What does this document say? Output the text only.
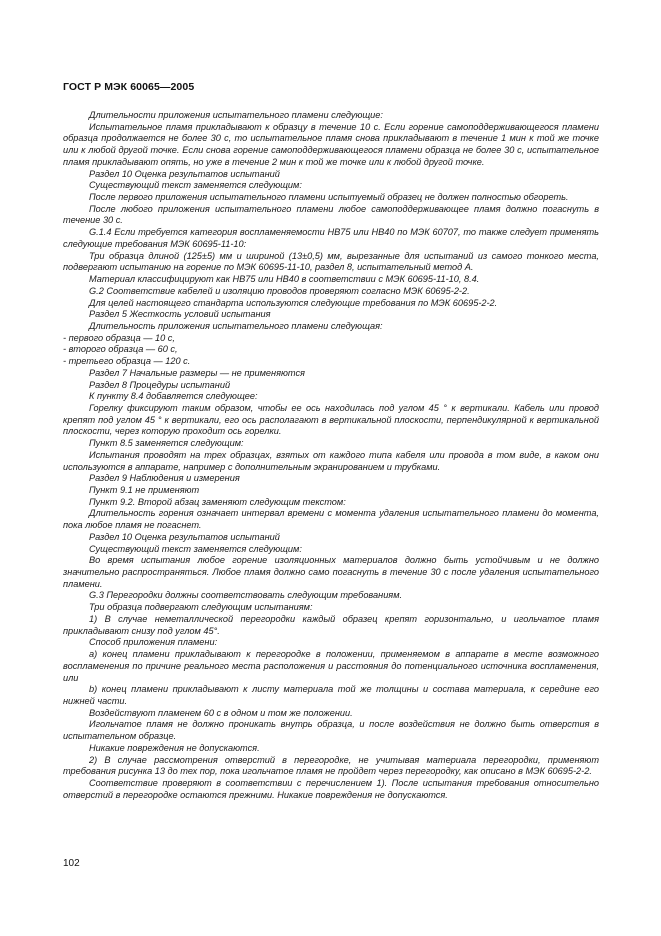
ГОСТ Р МЭК 60065—2005

Длительности приложения испытательного пламени следующие:

Испытательное пламя прикладывают к образцу в течение 10 с. Если горение самоподдерживающегося пламени образца продолжается не более 30 с, то испытательное пламя снова прикладывают в течение 1 мин к той же точке или к любой другой точке. Если снова горение самоподдерживающегося пламени образца не более 30 с, испытательное пламя прикладывают опять, но уже в течение 2 мин к той же точке или к любой другой точке.

Раздел 10 Оценка результатов испытаний

Существующий текст заменяется следующим:

После первого приложения испытательного пламени испытуемый образец не должен полностью обгореть.

После любого приложения испытательного пламени любое самоподдерживающее пламя должно погаснуть в течение 30 с.

G.1.4 Если требуется категория воспламеняемости НВ75 или НВ40 по МЭК 60707, то также следует применять следующие требования МЭК 60695-11-10:

Три образца длиной (125±5) мм и шириной (13±0,5) мм, вырезанные для испытаний из самого тонкого места, подвергают испытанию на горение по МЭК 60695-11-10, раздел 8, испытательный метод А.

Материал классифицируют как НВ75 или НВ40 в соответствии с МЭК 60695-11-10, 8.4.

G.2 Соответствие кабелей и изоляцию проводов проверяют согласно МЭК 60695-2-2.

Для целей настоящего стандарта используются следующие требования по МЭК 60695-2-2.

Раздел 5 Жесткость условий испытания

Длительность приложения испытательного пламени следующая:

- первого образца — 10 с,

- второго образца — 60 с,

- третьего образца — 120 с.

Раздел 7 Начальные размеры — не применяются

Раздел 8 Процедуры испытаний

К пункту 8.4 добавляется следующее:

Горелку фиксируют таким образом, чтобы ее ось находилась под углом 45 ° к вертикали. Кабель или провод крепят под углом 45 ° к вертикали, его ось располагают в вертикальной плоскости, перпендикулярной к вертикальной плоскости, через которую проходит ось горелки.

Пункт 8.5 заменяется следующим:

Испытания проводят на трех образцах, взятых от каждого типа кабеля или провода в том виде, в каком они используются в аппарате, например с дополнительным экранированием и трубками.

Раздел 9 Наблюдения и измерения

Пункт 9.1 не применяют

Пункт 9.2. Второй абзац заменяют следующим текстом:

Длительность горения означает интервал времени с момента удаления испытательного пламени до момента, пока любое пламя не погаснет.

Раздел 10 Оценка результатов испытаний

Существующий текст заменяется следующим:

Во время испытания любое горение изоляционных материалов должно быть устойчивым и не должно значительно распространяться. Любое пламя должно само погаснуть в течение 30 с после удаления испытательного пламени.

G.3 Перегородки должны соответствовать следующим требованиям.

Три образца подвергают следующим испытаниям:

1) В случае неметаллической перегородки каждый образец крепят горизонтально, и игольчатое пламя прикладывают снизу под углом 45°.

Способ приложения пламени:

а) конец пламени прикладывают к перегородке в положении, применяемом в аппарате в месте возможного воспламенения по причине реального места расположения и расстояния до потенциального источника воспламенения, или

b) конец пламени прикладывают к листу материала той же толщины и состава материала, к середине его нижней части.

Воздействуют пламенем 60 с в одном и том же положении.

Игольчатое пламя не должно проникать внутрь образца, и после воздействия не должно быть отверстия в испытательном образце.

Никакие повреждения не допускаются.

2) В случае рассмотрения отверстий в перегородке, не учитывая материала перегородки, применяют требования рисунка 13 до тех пор, пока игольчатое пламя не пройдет через перегородку, как описано в МЭК 60695-2-2.

Соответствие проверяют в соответствии с перечислением 1). После испытания требования относительно отверстий в перегородке остаются прежними. Никакие повреждения не допускаются.

102
